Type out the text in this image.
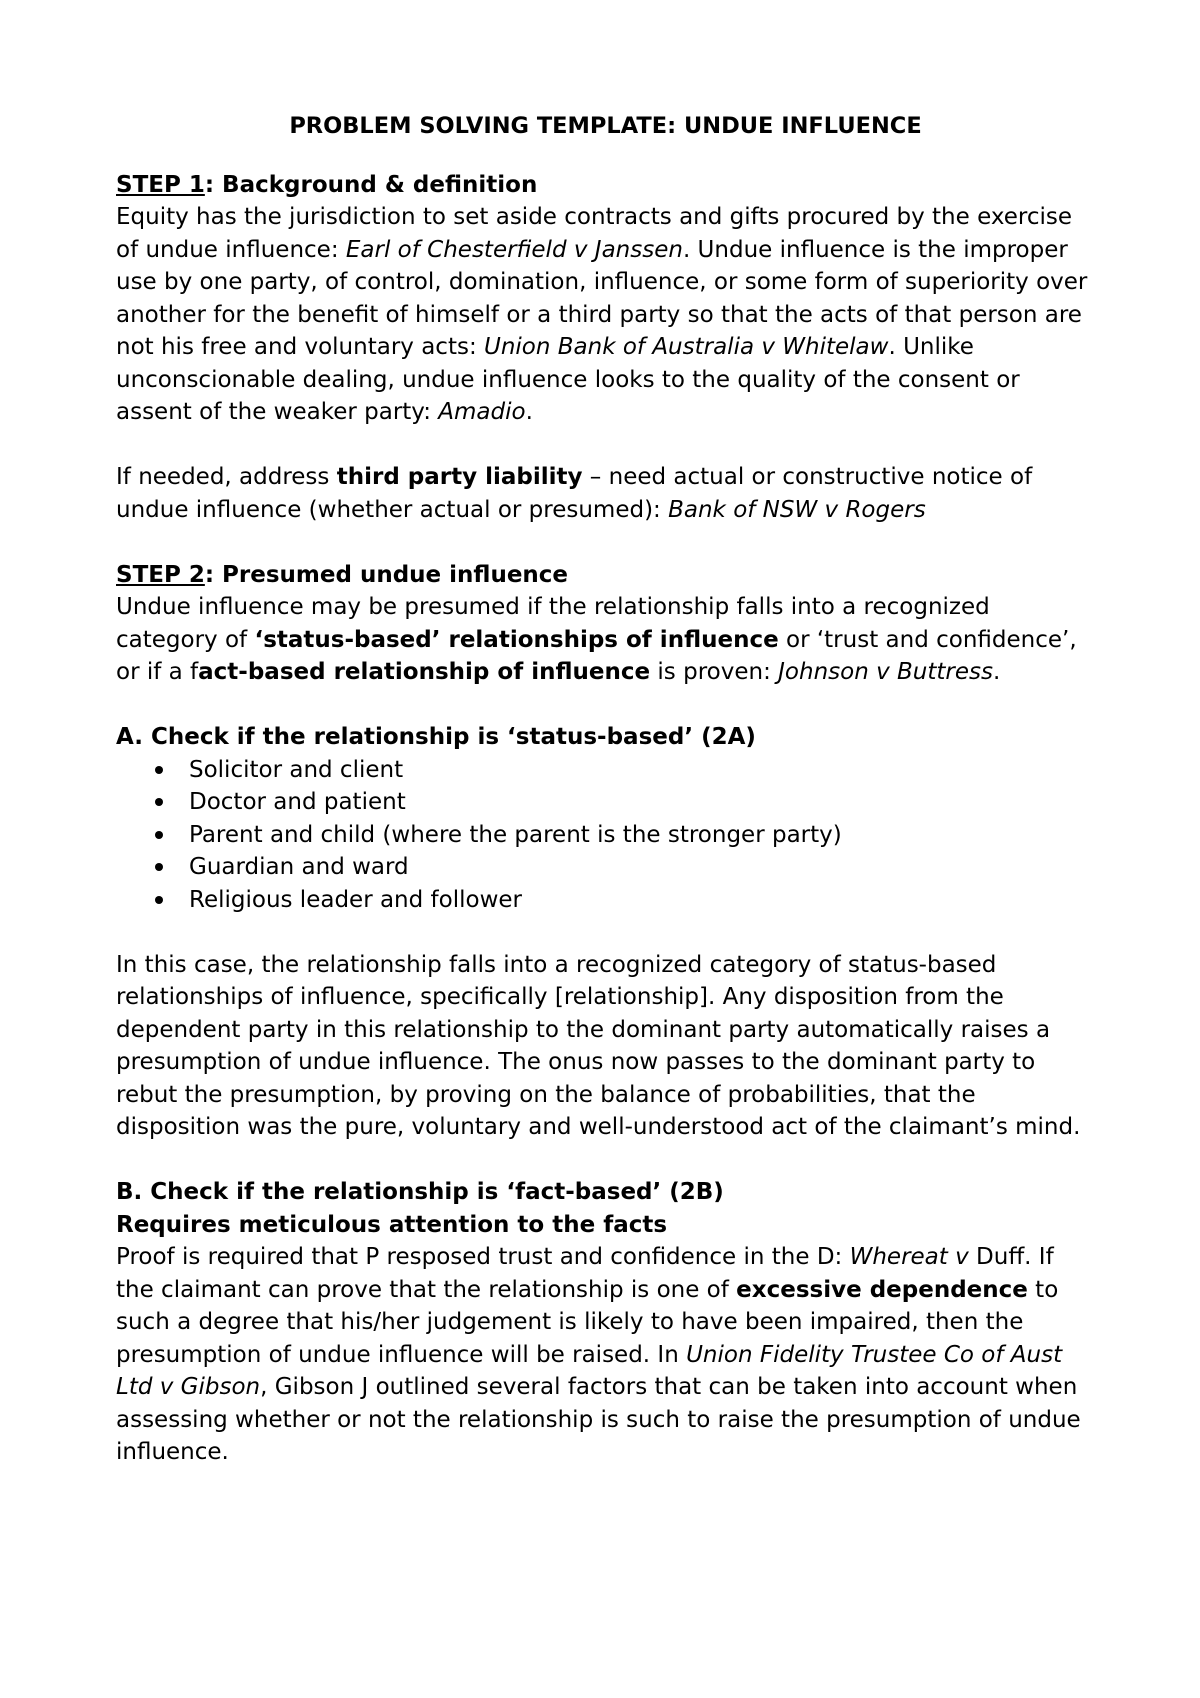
PROBLEM SOLVING TEMPLATE: UNDUE INFLUENCE

STEP 1: Background & definition

Equity has the jurisdiction to set aside contracts and gifts procured by the exercise of undue influence: Earl of Chesterfield v Janssen. Undue influence is the improper use by one party, of control, domination, influence, or some form of superiority over another for the benefit of himself or a third party so that the acts of that person are not his free and voluntary acts: Union Bank of Australia v Whitelaw. Unlike unconscionable dealing, undue influence looks to the quality of the consent or assent of the weaker party: Amadio.

If needed, address third party liability – need actual or constructive notice of undue influence (whether actual or presumed): Bank of NSW v Rogers

STEP 2: Presumed undue influence

Undue influence may be presumed if the relationship falls into a recognized category of ‘status-based’ relationships of influence or ‘trust and confidence’, or if a fact-based relationship of influence is proven: Johnson v Buttress.

A. Check if the relationship is ‘status-based’ (2A)

Solicitor and client
Doctor and patient
Parent and child (where the parent is the stronger party)
Guardian and ward
Religious leader and follower

In this case, the relationship falls into a recognized category of status-based relationships of influence, specifically [relationship]. Any disposition from the dependent party in this relationship to the dominant party automatically raises a presumption of undue influence. The onus now passes to the dominant party to rebut the presumption, by proving on the balance of probabilities, that the disposition was the pure, voluntary and well-understood act of the claimant’s mind.

B. Check if the relationship is ‘fact-based’ (2B)

Requires meticulous attention to the facts

Proof is required that P resposed trust and confidence in the D: Whereat v Duff. If the claimant can prove that the relationship is one of excessive dependence to such a degree that his/her judgement is likely to have been impaired, then the presumption of undue influence will be raised. In Union Fidelity Trustee Co of Aust Ltd v Gibson, Gibson J outlined several factors that can be taken into account when assessing whether or not the relationship is such to raise the presumption of undue influence.
